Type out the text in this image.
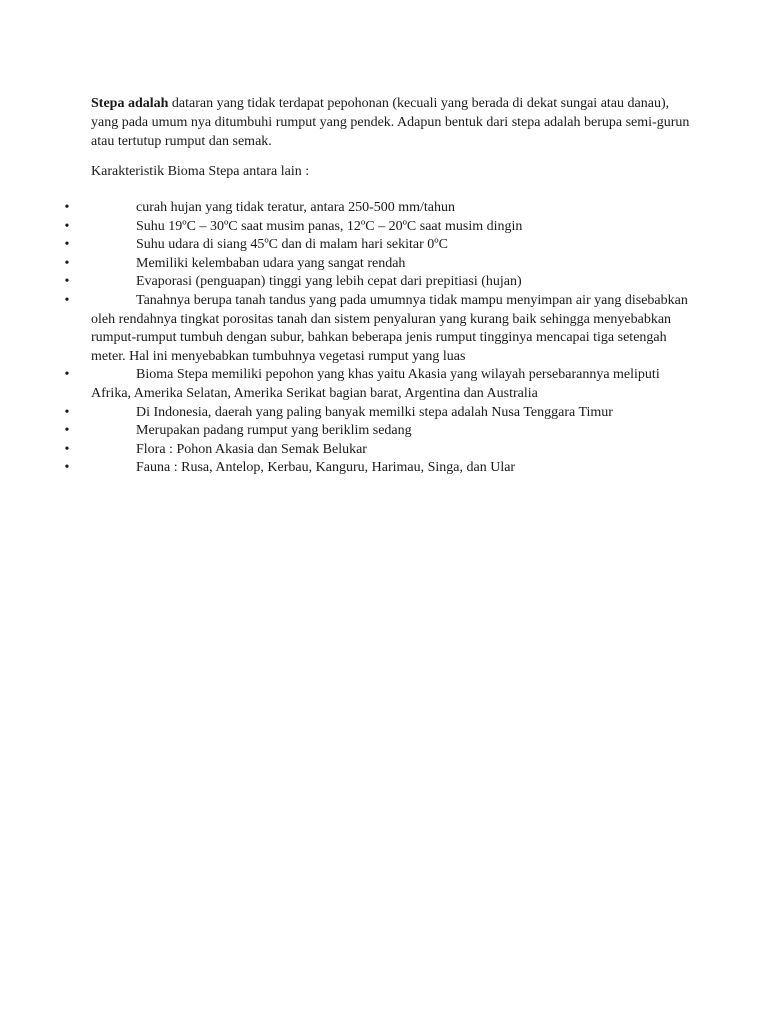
Stepa adalah dataran yang tidak terdapat pepohonan (kecuali yang berada di dekat sungai atau danau), yang pada umum nya ditumbuhi rumput yang pendek. Adapun bentuk dari stepa adalah berupa semi-gurun atau tertutup rumput dan semak.

Karakteristik Bioma Stepa antara lain :

•	curah hujan yang tidak teratur, antara 250-500 mm/tahun
•	Suhu 19ºC – 30ºC saat musim panas, 12ºC – 20ºC saat musim dingin
•	Suhu udara di siang 45ºC dan di malam hari sekitar 0ºC
•	Memiliki kelembaban udara yang sangat rendah
•	Evaporasi (penguapan) tinggi yang lebih cepat dari prepitiasi (hujan)
•	Tanahnya berupa tanah tandus yang pada umumnya tidak mampu menyimpan air yang disebabkan oleh rendahnya tingkat porositas tanah dan sistem penyaluran yang kurang baik sehingga menyebabkan rumput-rumput tumbuh dengan subur, bahkan beberapa jenis rumput tingginya mencapai tiga setengah meter. Hal ini menyebabkan tumbuhnya vegetasi rumput yang luas
•	Bioma Stepa memiliki pepohon yang khas yaitu Akasia yang wilayah persebarannya meliputi Afrika, Amerika Selatan, Amerika Serikat bagian barat, Argentina dan Australia
•	Di Indonesia, daerah yang paling banyak memilki stepa adalah Nusa Tenggara Timur
•	Merupakan padang rumput yang beriklim sedang
•	Flora : Pohon Akasia dan Semak Belukar
•	Fauna : Rusa, Antelop, Kerbau, Kanguru, Harimau, Singa, dan Ular
